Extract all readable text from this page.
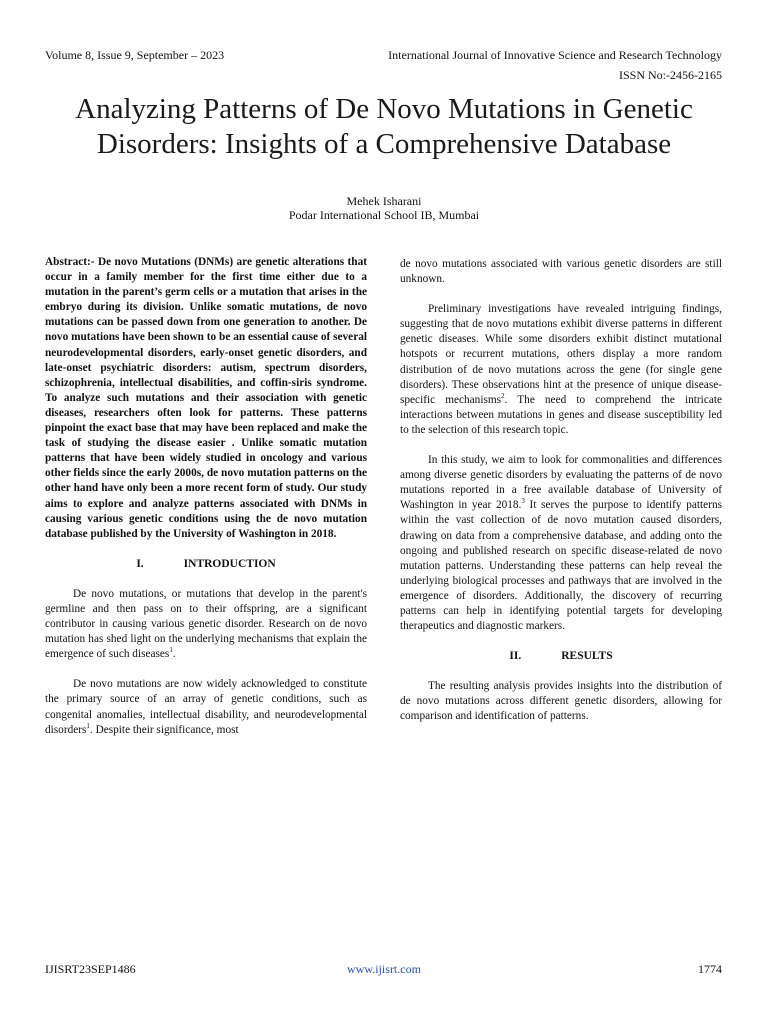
Volume 8, Issue 9, September – 2023	International Journal of Innovative Science and Research Technology
ISSN No:-2456-2165
Analyzing Patterns of De Novo Mutations in Genetic Disorders: Insights of a Comprehensive Database
Mehek Isharani
Podar International School IB, Mumbai

Abstract:- De novo Mutations (DNMs) are genetic alterations that occur in a family member for the first time either due to a mutation in the parent’s germ cells or a mutation that arises in the embryo during its division. Unlike somatic mutations, de novo mutations can be passed down from one generation to another. De novo mutations have been shown to be an essential cause of several neurodevelopmental disorders, early-onset genetic disorders, and late-onset psychiatric disorders: autism, spectrum disorders, schizophrenia, intellectual disabilities, and coffin-siris syndrome. To analyze such mutations and their association with genetic diseases, researchers often look for patterns. These patterns pinpoint the exact base that may have been replaced and make the task of studying the disease easier . Unlike somatic mutation patterns that have been widely studied in oncology and various other fields since the early 2000s, de novo mutation patterns on the other hand have only been a more recent form of study. Our study aims to explore and analyze patterns associated with DNMs in causing various genetic conditions using the de novo mutation database published by the University of Washington in 2018.

I.	INTRODUCTION

De novo mutations, or mutations that develop in the parent's germline and then pass on to their offspring, are a significant contributor in causing various genetic disorder. Research on de novo mutation has shed light on the underlying mechanisms that explain the emergence of such diseases$^1$.

De novo mutations are now widely acknowledged to constitute the primary source of an array of genetic conditions, such as congenital anomalies, intellectual disability, and neurodevelopmental disorders$^1$. Despite their significance, most

de novo mutations associated with various genetic disorders are still unknown.

Preliminary investigations have revealed intriguing findings, suggesting that de novo mutations exhibit diverse patterns in different genetic diseases. While some disorders exhibit distinct mutational hotspots or recurrent mutations, others display a more random distribution of de novo mutations across the gene (for single gene disorders). These observations hint at the presence of unique disease-specific mechanisms$^2$. The need to comprehend the intricate interactions between mutations in genes and disease susceptibility led to the selection of this research topic.

In this study, we aim to look for commonalities and differences among diverse genetic disorders by evaluating the patterns of de novo mutations reported in a free available database of University of Washington in year 2018.$^3$ It serves the purpose to identify patterns within the vast collection of de novo mutation caused disorders, drawing on data from a comprehensive database, and adding onto the ongoing and published research on specific disease-related de novo mutation patterns. Understanding these patterns can help reveal the underlying biological processes and pathways that are involved in the emergence of disorders. Additionally, the discovery of recurring patterns can help in identifying potential targets for developing therapeutics and diagnostic markers.

II.	RESULTS

The resulting analysis provides insights into the distribution of de novo mutations across different genetic disorders, allowing for comparison and identification of patterns.

IJISRT23SEP1486	www.ijisrt.com	1774
